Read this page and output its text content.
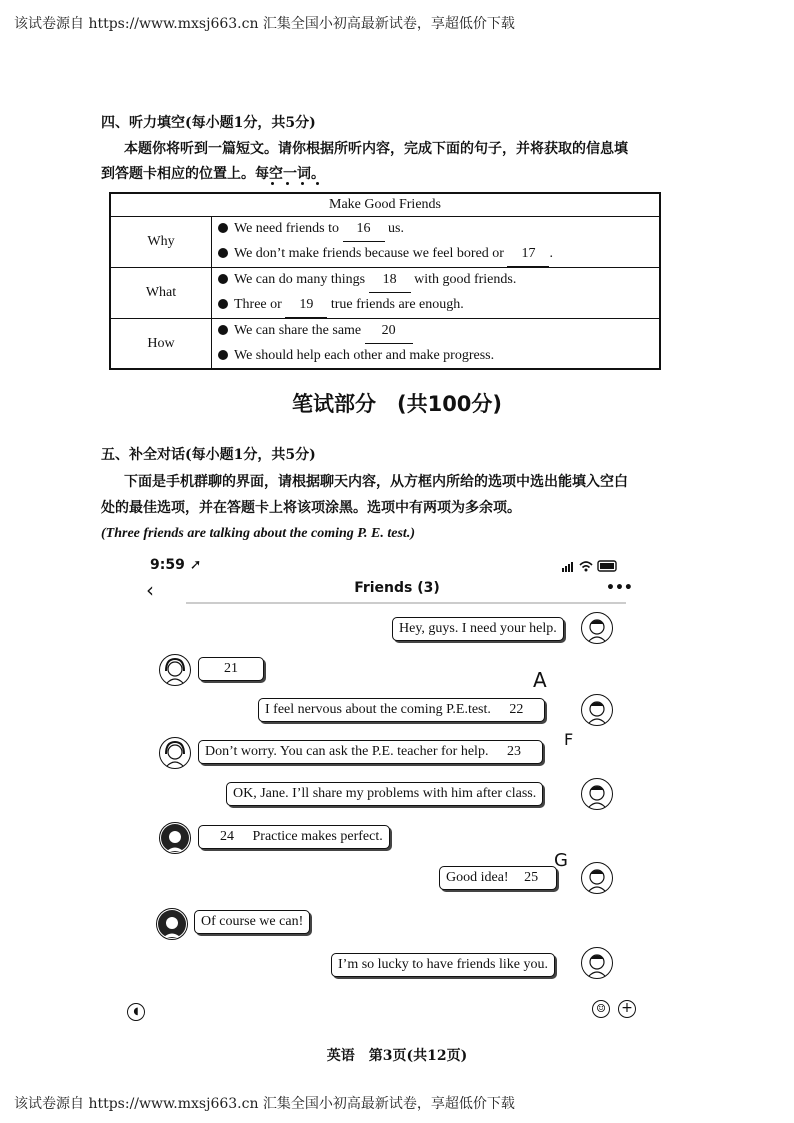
该试卷源自 https://www.mxsj663.cn 汇集全国小初高最新试卷，享超低价下载
该试卷源自 https://www.mxsj663.cn 汇集全国小初高最新试卷，享超低价下载
四、听力填空(每小题1分，共5分)
本题你将听到一篇短文。请你根据所听内容，完成下面的句子，并将获取的信息填
到答题卡相应的位置上。每空一词。
Make Good Friends	
Why	We need friends to 16 us.
	We don’t make friends because we feel bored or 17 .
What	We can do many things 18 with good friends.
	Three or 19 true friends are enough.
How	We can share the same 20
	We should help each other and make progress.
笔试部分　(共100分)
五、补全对话(每小题1分，共5分)
下面是手机群聊的界面，请根据聊天内容，从方框内所给的选项中选出能填入空白
处的最佳选项，并在答题卡上将该项涂黑。选项中有两项为多余项。
(Three friends are talking about the coming P. E. test.)
9:59 ➚
‹	Friends (3)	•••
Hey, guys. I need your help.
21	A
I feel nervous about the coming P.E.test. 22
Don’t worry. You can ask the P.E. teacher for help. 23
F
OK, Jane. I’ll share my problems with him after class.
24 Practice makes perfect.
Good idea! 25
G
Of course we can!
I’m so lucky to have friends like you.
◖	☺ +
英语　第3页(共12页)
